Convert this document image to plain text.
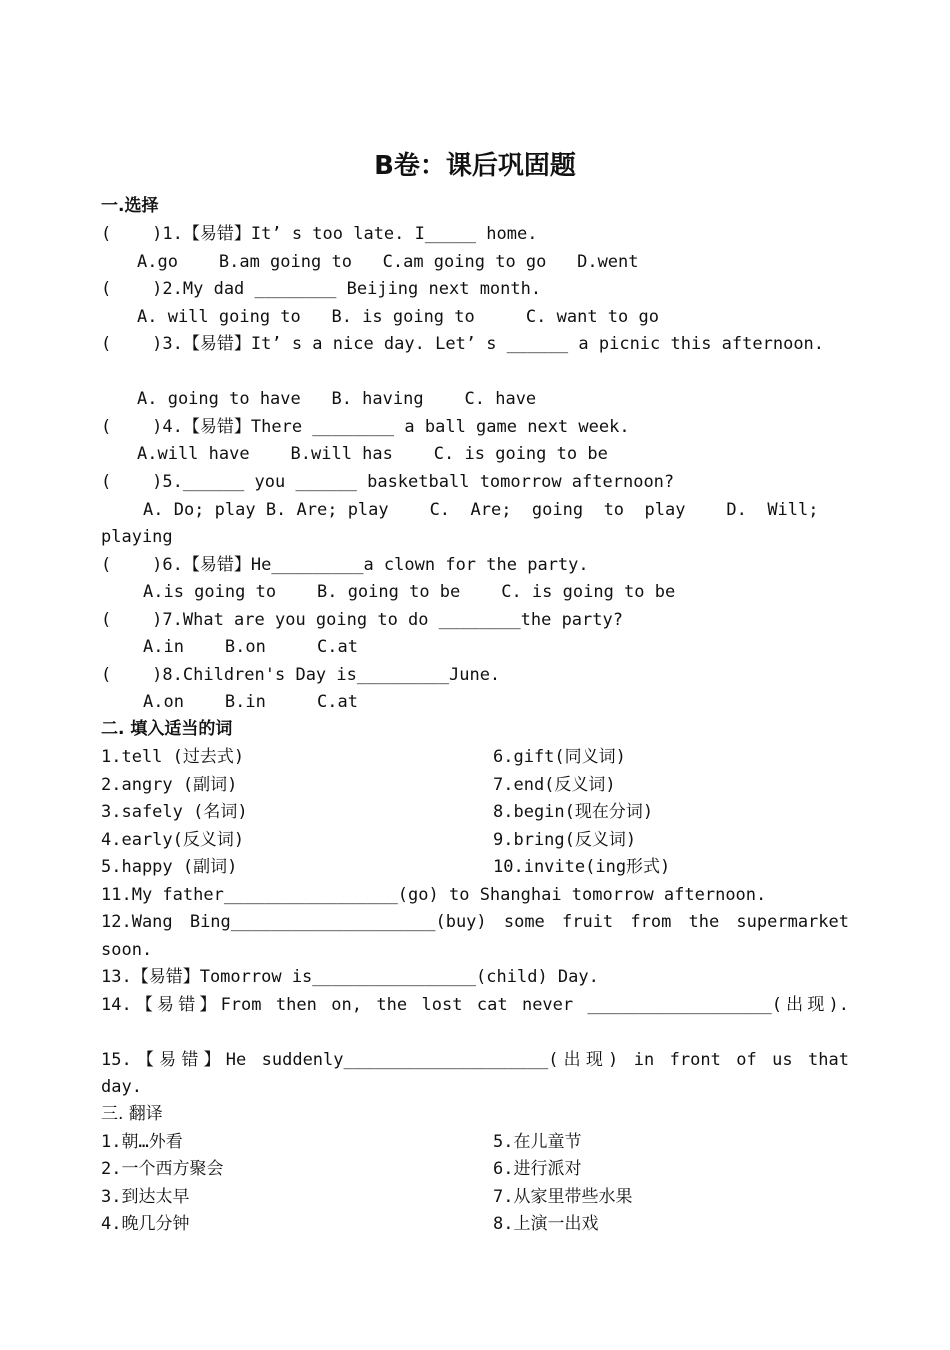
B卷：课后巩固题
一.选择
(    )1.【易错】It’ s too late. I_____ home.
A.go    B.am going to   C.am going to go   D.went
(    )2.My dad ________ Beijing next month.
A. will going to   B. is going to     C. want to go
(    )3.【易错】It’ s a nice day. Let’ s ______ a picnic this afternoon.
A. going to have   B. having    C. have
(    )4.【易错】There ________ a ball game next week.
A.will have    B.will has    C. is going to be
(    )5.______ you ______ basketball tomorrow afternoon?
A. Do; play B. Are; play    C.  Are;  going  to  play    D.  Will;
playing
(    )6.【易错】He_________a clown for the party.
A.is going to    B. going to be    C. is going to be
(    )7.What are you going to do ________the party?
A.in    B.on     C.at
(    )8.Children's Day is_________June.
A.on    B.in     C.at
二. 填入适当的词
1.tell (过去式)	6.gift(同义词)
2.angry (副词)	7.end(反义词)
3.safely (名词)	8.begin(现在分词)
4.early(反义词)	9.bring(反义词)
5.happy (副词)	10.invite(ing形式)
11.My father_________________(go) to Shanghai tomorrow afternoon.
12.Wang Bing____________________(buy) some fruit from the supermarket
soon.
13.【易错】Tomorrow is________________(child) Day.
14.【易错】From then on, the lost cat never __________________(出现).
15.【易错】He suddenly____________________(出现) in front of us that
day.
三. 翻译
1.朝…外看	5.在儿童节
2.一个西方聚会	6.进行派对
3.到达太早	7.从家里带些水果
4.晚几分钟	8.上演一出戏
